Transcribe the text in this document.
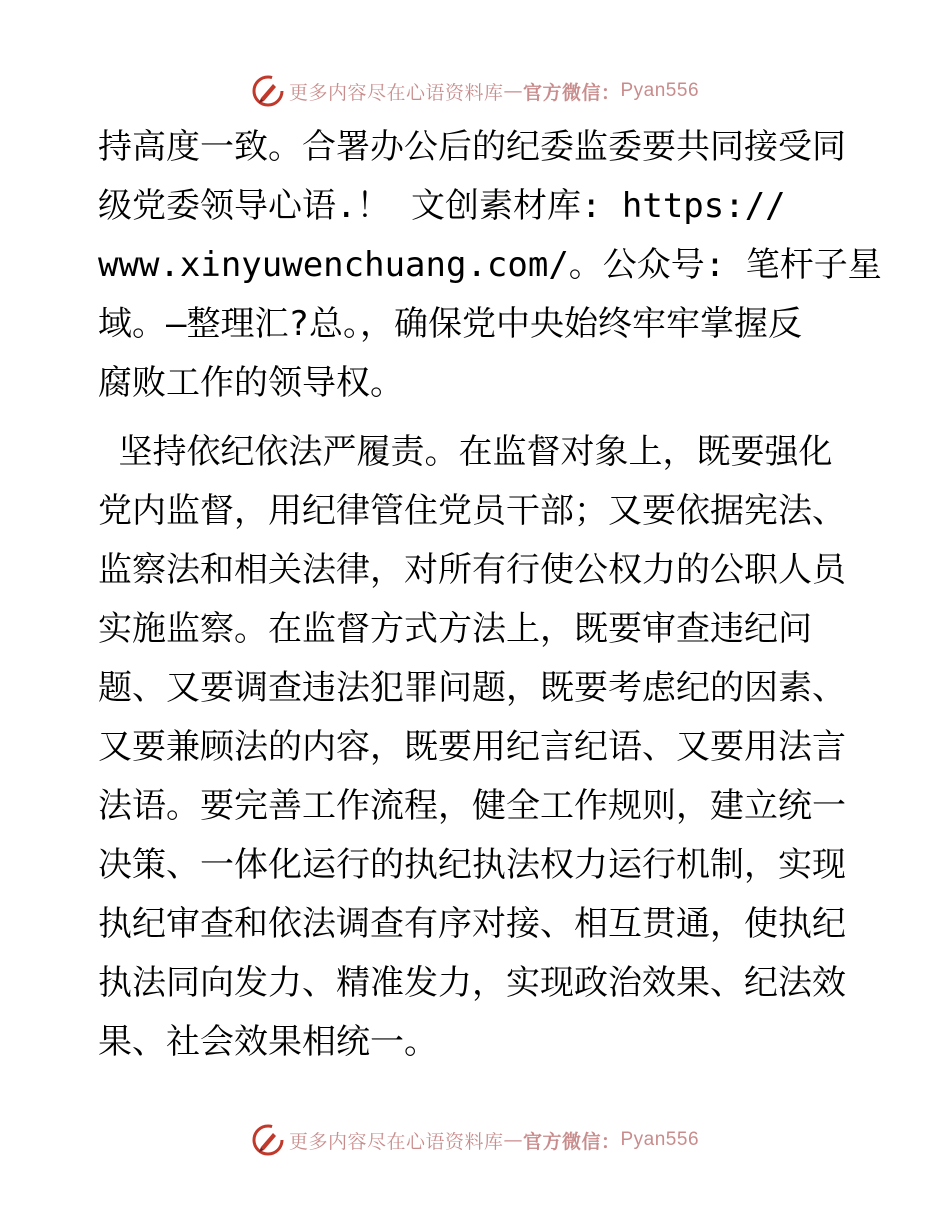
更多内容尽在心语资料库 — 官方微信： Pyan556
持高度一致。合署办公后的纪委监委要共同接受同
级党委领导心语.！ 文创素材库: https://
www.xinyuwenchuang.com/。公众号: 笔杆子星
域。—整理汇?总。，确保党中央始终牢牢掌握反
腐败工作的领导权。
坚持依纪依法严履责。在监督对象上，既要强化
党内监督，用纪律管住党员干部；又要依据宪法、
监察法和相关法律，对所有行使公权力的公职人员
实施监察。在监督方式方法上，既要审查违纪问
题、又要调查违法犯罪问题，既要考虑纪的因素、
又要兼顾法的内容，既要用纪言纪语、又要用法言
法语。要完善工作流程，健全工作规则，建立统一
决策、一体化运行的执纪执法权力运行机制，实现
执纪审查和依法调查有序对接、相互贯通，使执纪
执法同向发力、精准发力，实现政治效果、纪法效
果、社会效果相统一。
更多内容尽在心语资料库 — 官方微信： Pyan556
